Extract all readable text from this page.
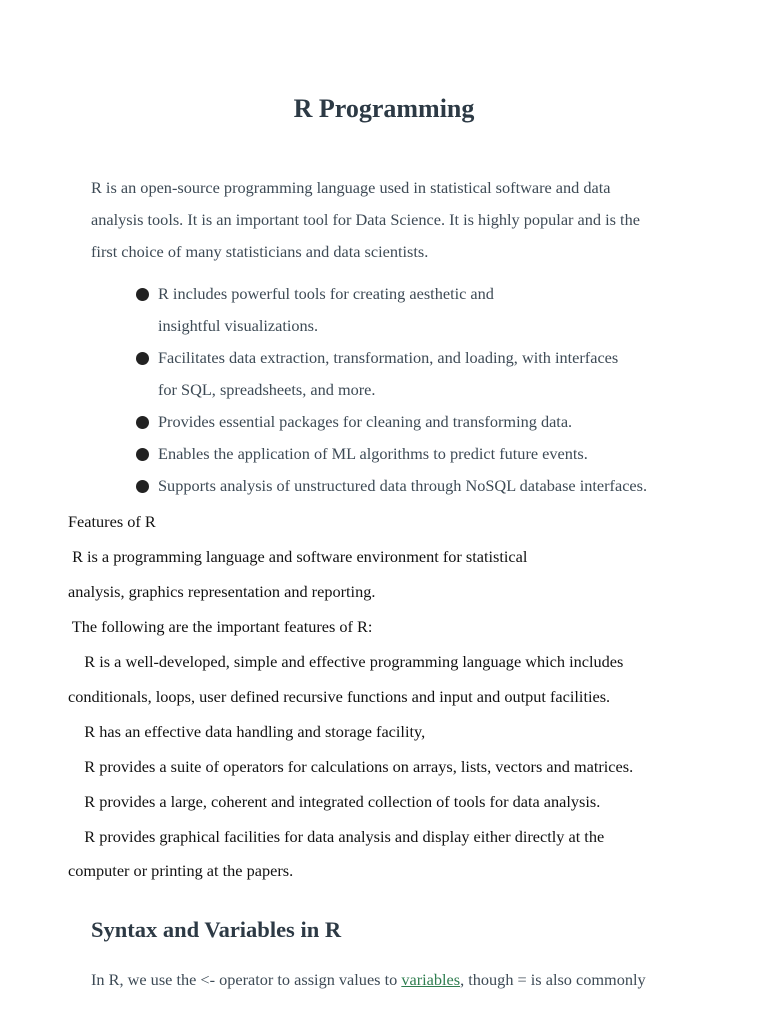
R Programming

R is an open-source programming language used in statistical software and data
analysis tools. It is an important tool for Data Science. It is highly popular and is the
first choice of many statisticians and data scientists.

R includes powerful tools for creating aesthetic and
insightful visualizations.
Facilitates data extraction, transformation, and loading, with interfaces
for SQL, spreadsheets, and more.
Provides essential packages for cleaning and transforming data.
Enables the application of ML algorithms to predict future events.
Supports analysis of unstructured data through NoSQL database interfaces.

Features of R

R is a programming language and software environment for statistical

analysis, graphics representation and reporting.

The following are the important features of R:

R is a well-developed, simple and effective programming language which includes

conditionals, loops, user defined recursive functions and input and output facilities.

R has an effective data handling and storage facility,

R provides a suite of operators for calculations on arrays, lists, vectors and matrices.

R provides a large, coherent and integrated collection of tools for data analysis.

R provides graphical facilities for data analysis and display either directly at the

computer or printing at the papers.

Syntax and Variables in R

In R, we use the <- operator to assign values to variables, though = is also commonly
